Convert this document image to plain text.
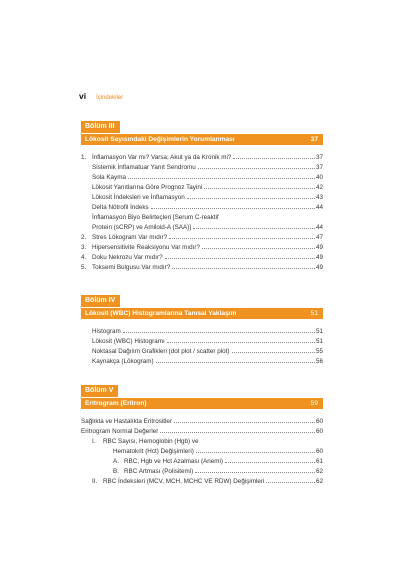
vi İçindekiler
Bölüm III
Lökosit Sayısındaki Değişimlerin Yorumlanması	37
1. İnflamasyon Var mı? Varsa; Akut ya da Kronik mi?	37
Sistemik İnflamatuar Yanıt Sendromu	37
Sola Kayma	40
Lökosit Yanıtlarına Göre Prognoz Tayini	42
Lökosit İndeksleri ve İnflamasyon	43
Delta Nötrofil İndeks	44
İnflamasyon Biyo Belirteçleri [Serum C-reaktif
Protein (sCRP) ve Amiloid-A (SAA)]	44
2. Stres Lökogram Var mıdır?	47
3. Hipersensitivite Reaksiyonu Var mıdır?	49
4. Doku Nekrozu Var mıdır?	49
5. Toksemi Bulgusu Var mıdır?	49
Bölüm IV
Lökosit (WBC) Histogramlarına Tanısal Yaklaşım	51
Histogram	51
Lökosit (WBC) Histogramı	51
Noktasal Dağılım Grafikleri (dot plot / scatter plot)	55
Kaynakça (Lökogram)	56
Bölüm V
Eritrogram (Eritron)	59
Sağlıkta ve Hastalıkta Eritrositler	60
Eritrogram Normal Değerler	60
I.	RBC Sayısı, Hemoglobin (Hgb) ve
Hematokrit (Hct) Değişimleri)	60
A. RBC, Hgb ve Hct Azalması (Anemi)	61
B. RBC Artması (Polisitemi)	62
II. RBC İndeksleri (MCV, MCH, MCHC VE RDW) Değişimleri	62
